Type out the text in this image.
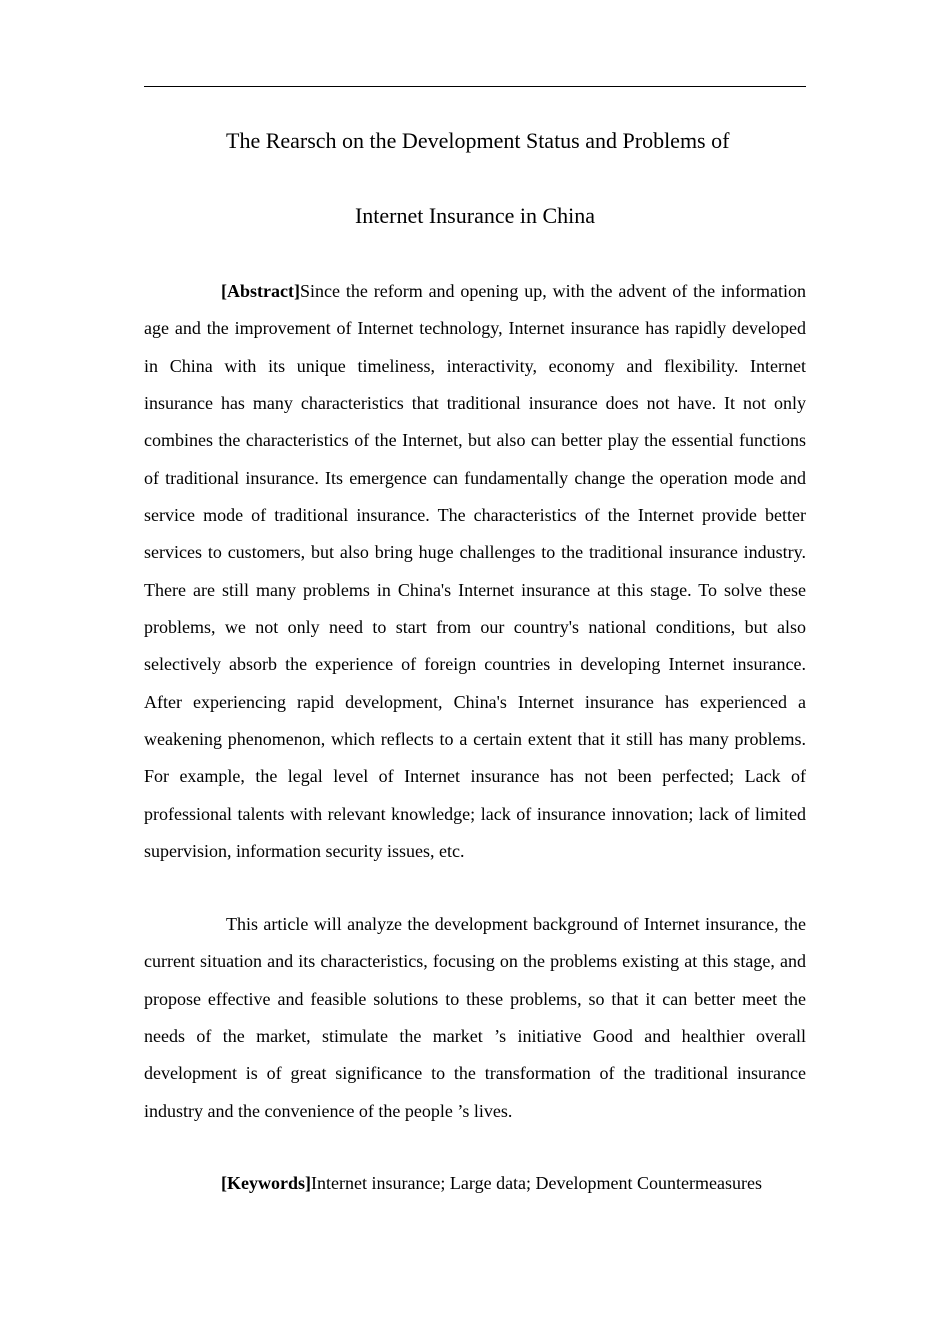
The Rearsch on the Development Status and Problems of
Internet Insurance in China

[Abstract]Since the reform and opening up, with the advent of the information age and the improvement of Internet technology, Internet insurance has rapidly developed in China with its unique timeliness, interactivity, economy and flexibility. Internet insurance has many characteristics that traditional insurance does not have. It not only combines the characteristics of the Internet, but also can better play the essential functions of traditional insurance. Its emergence can fundamentally change the operation mode and service mode of traditional insurance. The characteristics of the Internet provide better services to customers, but also bring huge challenges to the traditional insurance industry. There are still many problems in China's Internet insurance at this stage. To solve these problems, we not only need to start from our country's national conditions, but also selectively absorb the experience of foreign countries in developing Internet insurance. After experiencing rapid development, China's Internet insurance has experienced a weakening phenomenon, which reflects to a certain extent that it still has many problems. For example, the legal level of Internet insurance has not been perfected; Lack of professional talents with relevant knowledge; lack of insurance innovation; lack of limited supervision, information security issues, etc.

This article will analyze the development background of Internet insurance, the current situation and its characteristics, focusing on the problems existing at this stage, and propose effective and feasible solutions to these problems, so that it can better meet the needs of the market, stimulate the market ’s initiative Good and healthier overall development is of great significance to the transformation of the traditional insurance industry and the convenience of the people ’s lives.

[Keywords]Internet insurance; Large data; Development Countermeasures
